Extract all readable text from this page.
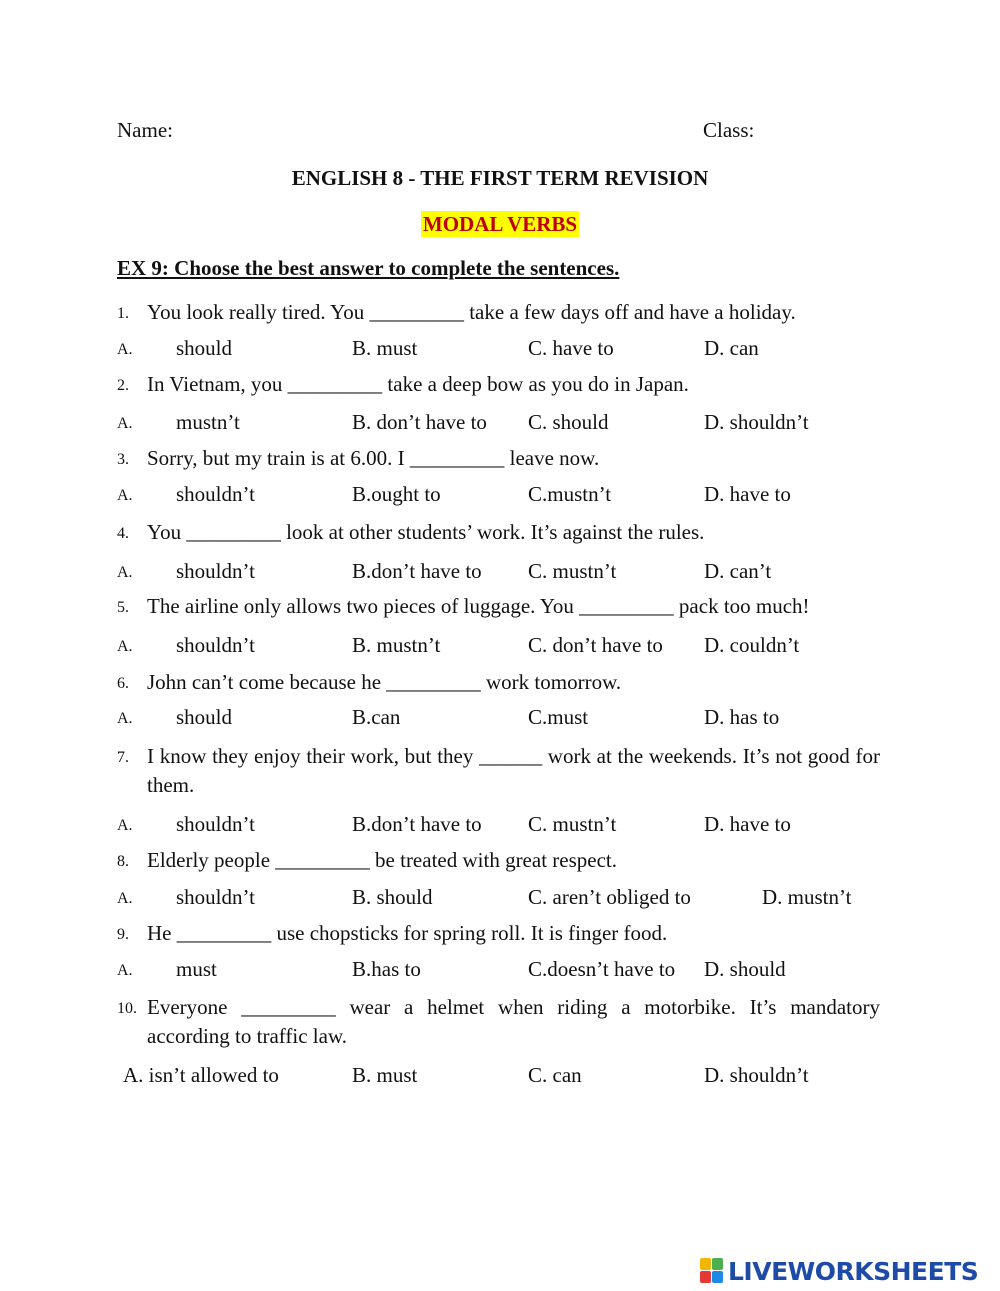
Name:	Class:
ENGLISH 8 - THE FIRST TERM REVISION
MODAL VERBS
EX 9: Choose the best answer to complete the sentences.
1. You look really tired. You _________ take a few days off and have a holiday.
A. should	B. must	C. have to	D. can
2. In Vietnam, you _________ take a deep bow as you do in Japan.
A. mustn’t	B. don’t have to C. should	D. shouldn’t
3. Sorry, but my train is at 6.00. I _________ leave now.
A. shouldn’t	B.ought to	C.mustn’t	D. have to
4. You _________ look at other students’ work. It’s against the rules.
A. shouldn’t	B.don’t have to C. mustn’t	D. can’t
5. The airline only allows two pieces of luggage. You _________ pack too much!
A. shouldn’t	B. mustn’t	C. don’t have to D. couldn’t
6. John can’t come because he _________ work tomorrow.
A. should	B.can	C.must	D. has to
7. I know they enjoy their work, but they ______ work at the weekends. It’s not good for them.
A. shouldn’t	B.don’t have to C. mustn’t	D. have to
8. Elderly people _________ be treated with great respect.
A. shouldn’t	B. should	C. aren’t obliged to	D. mustn’t
9. He _________ use chopsticks for spring roll. It is finger food.
A. must	B.has to	C.doesn’t have to D. should
10. Everyone _________ wear a helmet when riding a motorbike. It’s mandatory according to traffic law.
A. isn’t allowed to	B. must	C. can	D. shouldn’t
LIVEWORKSHEETS
